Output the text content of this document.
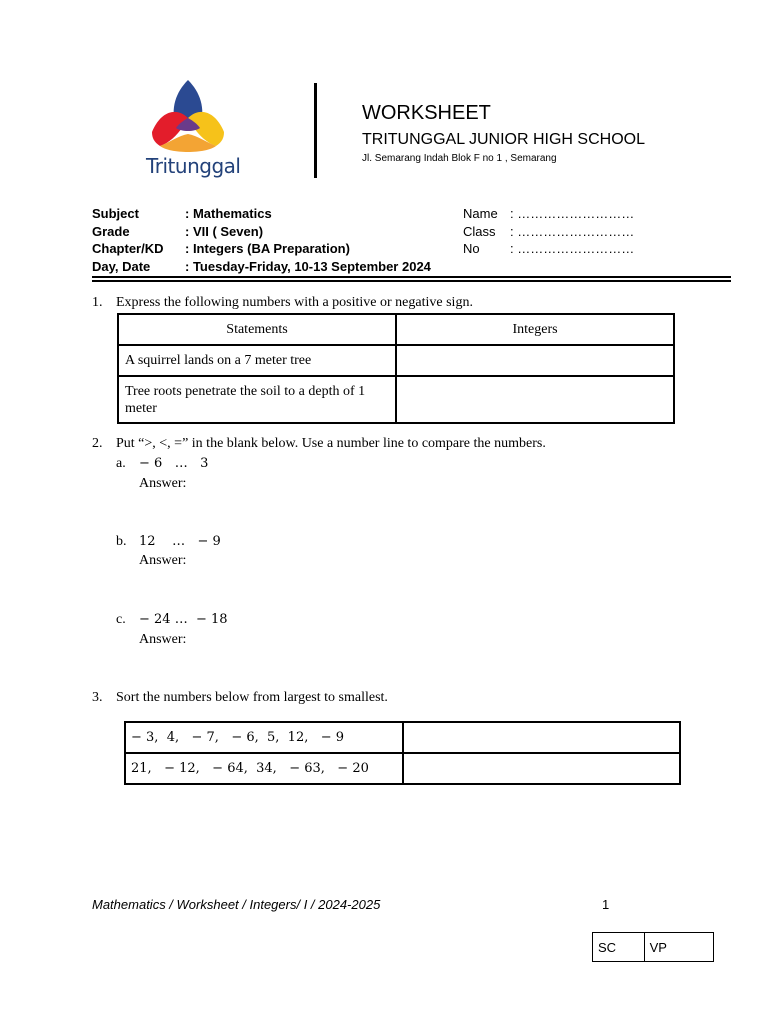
Tritunggal
WORKSHEET
TRITUNGGAL JUNIOR HIGH SCHOOL
Jl. Semarang Indah Blok F no 1 , Semarang
Subject	: Mathematics
Grade	: VII ( Seven)
Chapter/KD : Integers (BA Preparation)
Day, Date	: Tuesday-Friday, 10-13 September 2024
Name : ………………………
Class : ………………………
No : ………………………
1. Express the following numbers with a positive or negative sign.
Statements	Integers
A squirrel lands on a 7 meter tree	
Tree roots penetrate the soil to a depth of 1 meter	
2. Put “>, <, =” in the blank below. Use a number line to compare the numbers.
a. − 6   …   3
Answer:
b. 12    …   − 9
Answer:
c. − 24 …  − 18
Answer:
3. Sort the numbers below from largest to smallest.
− 3,  4,   − 7,   − 6,  5,  12,   − 9	
21,   − 12,   − 64,  34,   − 63,   − 20	
Mathematics / Worksheet / Integers/ I / 2024-2025	1
SC	VP
